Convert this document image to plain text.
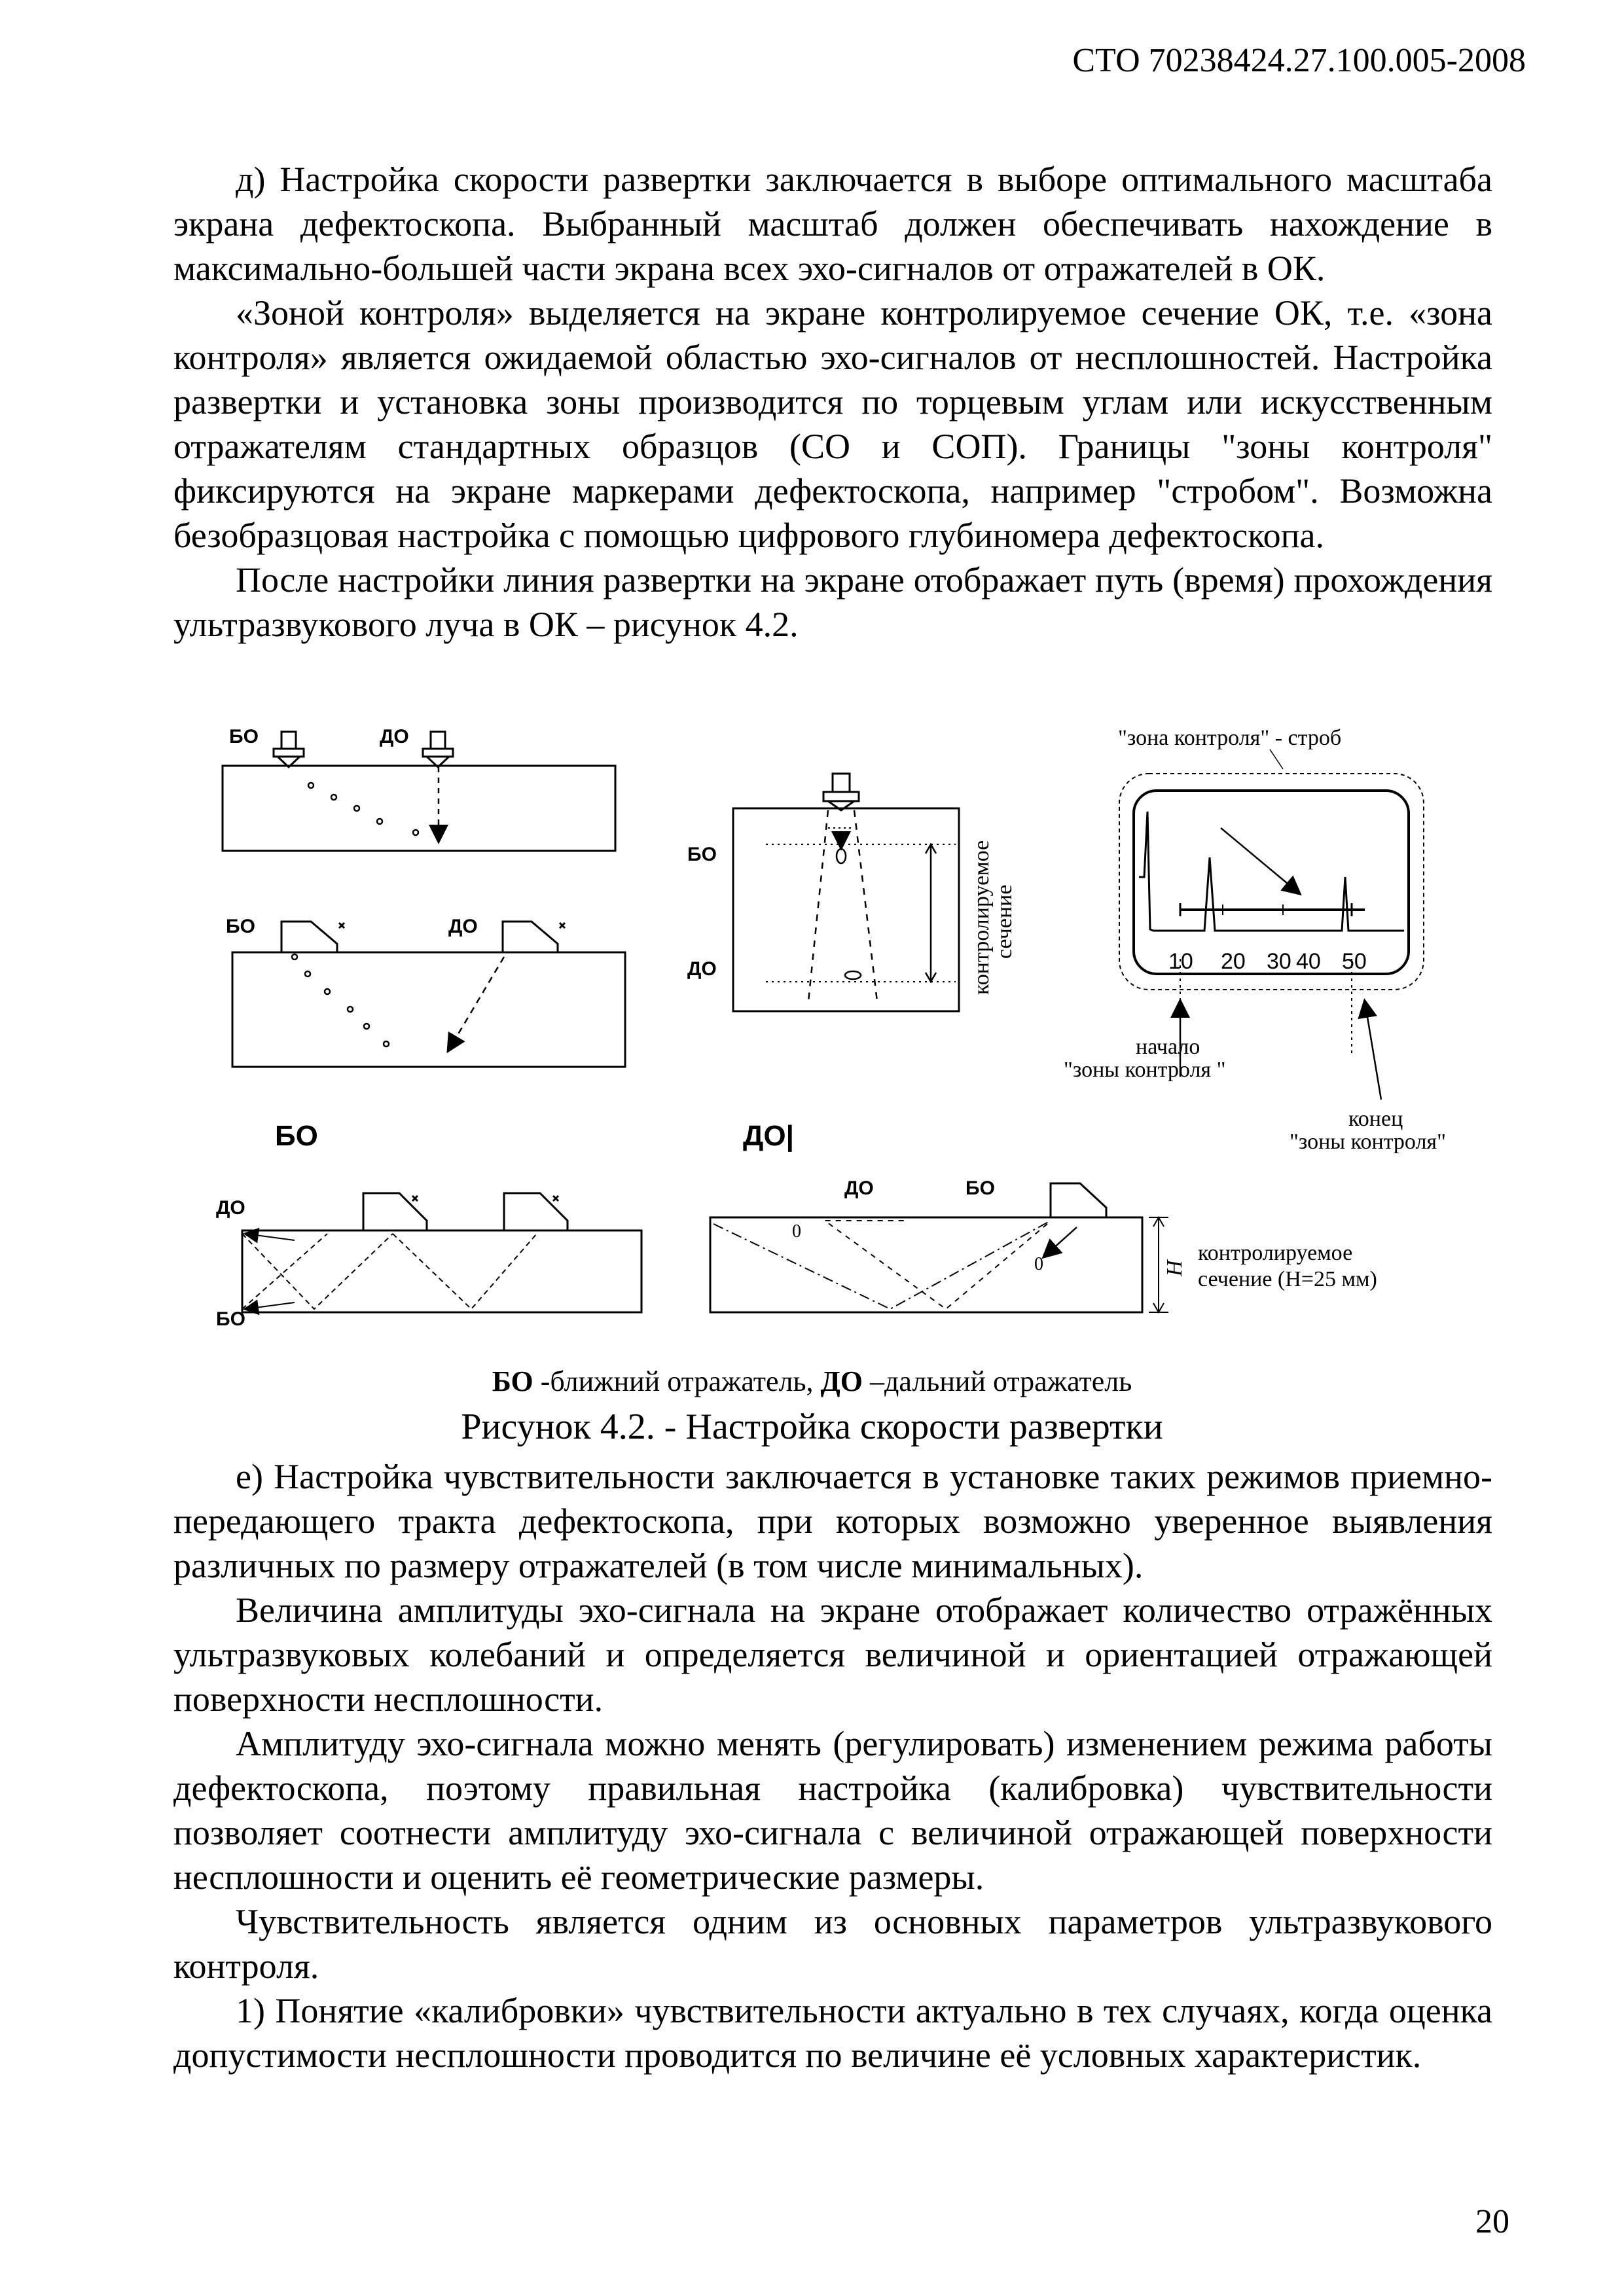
СТО 70238424.27.100.005-2008

д) Настройка скорости развертки заключается в выборе оптимального масштаба экрана дефектоскопа. Выбранный масштаб должен обеспечивать нахождение в максимально-большей части экрана всех эхо-сигналов от отражателей в ОК.

«Зоной контроля» выделяется на экране контролируемое сечение ОК, т.е. «зона контроля» является ожидаемой областью эхо-сигналов от несплошностей. Настройка развертки и установка зоны производится по торцевым углам или искусственным отражателям стандартных образцов (СО и СОП). Границы "зоны контроля" фиксируются на экране маркерами дефектоскопа, например "стробом". Возможна безобразцовая настройка с помощью цифрового глубиномера дефектоскопа.

После настройки линия развертки на экране отображает путь (время) прохождения ультразвукового луча в ОК – рисунок 4.2.

БО	ДО
БО	ДО
БО
ДО	контролируемое
сечение
"зона контроля" - строб
10 20 30 40 50
начало
"зоны контроля "
конец
"зоны контроля"
БО
ДО
БО
ДО|
ДО	БО
0
0	H
контролируемое
сечение (Н=25 мм)
БО -ближний отражатель, ДО –дальний отражатель
Рисунок 4.2. - Настройка скорости развертки

е) Настройка чувствительности заключается в установке таких режимов приемно-передающего тракта дефектоскопа, при которых возможно уверенное выявления различных по размеру отражателей (в том числе минимальных).

Величина амплитуды эхо-сигнала на экране отображает количество отражённых ультразвуковых колебаний и определяется величиной и ориентацией отражающей поверхности несплошности.

Амплитуду эхо-сигнала можно менять (регулировать) изменением режима работы дефектоскопа, поэтому правильная настройка (калибровка) чувствительности позволяет соотнести амплитуду эхо-сигнала с величиной отражающей поверхности несплошности и оценить её геометрические размеры.

Чувствительность является одним из основных параметров ультразвукового контроля.

1) Понятие «калибровки» чувствительности актуально в тех случаях, когда оценка допустимости несплошности проводится по величине её условных характеристик.

20
